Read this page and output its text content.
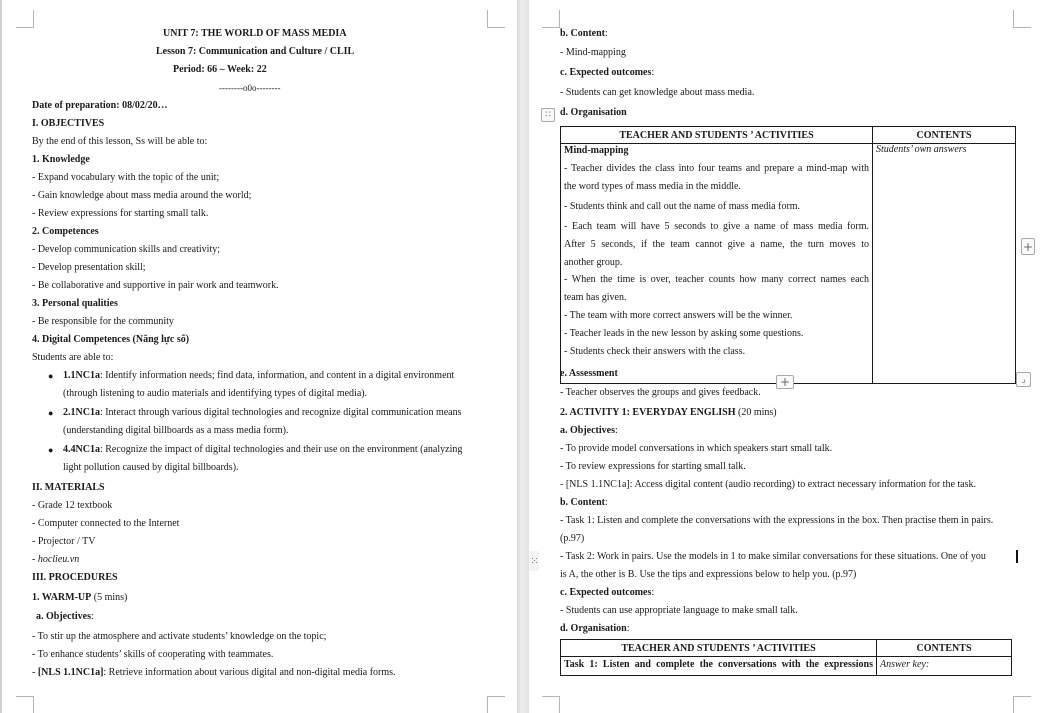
UNIT 7: THE WORLD OF MASS MEDIA
Lesson 7: Communication and Culture / CLIL
Period: 66 – Week: 22
--------o0o--------
Date of preparation: 08/02/20…
I. OBJECTIVES
By the end of this lesson, Ss will be able to:
1. Knowledge
- Expand vocabulary with the topic of the unit;
- Gain knowledge about mass media around the world;
- Review expressions for starting small talk.
2. Competences
- Develop communication skills and creativity;
- Develop presentation skill;
- Be collaborative and supportive in pair work and teamwork.
3. Personal qualities
- Be responsible for the community
4. Digital Competences (Năng lực số)
Students are able to:
● 1.1NC1a: Identify information needs; find data, information, and content in a digital environment
(through listening to audio materials and identifying types of digital media).
● 2.1NC1a: Interact through various digital technologies and recognize digital communication means
(understanding digital billboards as a mass media form).
● 4.4NC1a: Recognize the impact of digital technologies and their use on the environment (analyzing
light pollution caused by digital billboards).
II. MATERIALS
- Grade 12 textbook
- Computer connected to the Internet
- Projector / TV
- hoclieu.vn
III. PROCEDURES
1. WARM-UP (5 mins)
a. Objectives:
- To stir up the atmosphere and activate students’ knowledge on the topic;
- To enhance students’ skills of cooperating with teammates.
- [NLS 1.1NC1a]: Retrieve information about various digital and non-digital media forms.
b. Content:
- Mind-mapping
c. Expected outcomes:
- Students can get knowledge about mass media.
∷ d. Organisation
TEACHER AND STUDENTS ’ ACTIVITIES	CONTENTS

Mind-mapping
- Teacher divides the class into four teams and prepare a mind-map with
the word types of mass media in the middle.
- Students think and call out the name of mass media form.
- Each team will have 5 seconds to give a name of mass media form.
After 5 seconds, if the team cannot give a name, the turn moves to
another group.
- When the time is over, teacher counts how many correct names each
team has given.
- The team with more correct answers will be the winner.
- Teacher leads in the new lesson by asking some questions.
- Students check their answers with the class.
	Students’ own answers
+
e. Assessment
+	⌟
- Teacher observes the groups and gives feedback.
2. ACTIVITY 1: EVERYDAY ENGLISH (20 mins)
a. Objectives:
- To provide model conversations in which speakers start small talk.
- To review expressions for starting small talk.
- [NLS 1.1NC1a]: Access digital content (audio recording) to extract necessary information for the task.
b. Content:
- Task 1: Listen and complete the conversations with the expressions in the box. Then practise them in pairs.
(p.97)
⁙ - Task 2: Work in pairs. Use the models in 1 to make similar conversations for these situations. One of you
is A, the other is B. Use the tips and expressions below to help you. (p.97)
c. Expected outcomes:
- Students can use appropriate language to make small talk.
d. Organisation:
TEACHER AND STUDENTS ’ ACTIVITIES	CONTENTS
Task 1: Listen and complete the conversations with the expressions	Answer key:
